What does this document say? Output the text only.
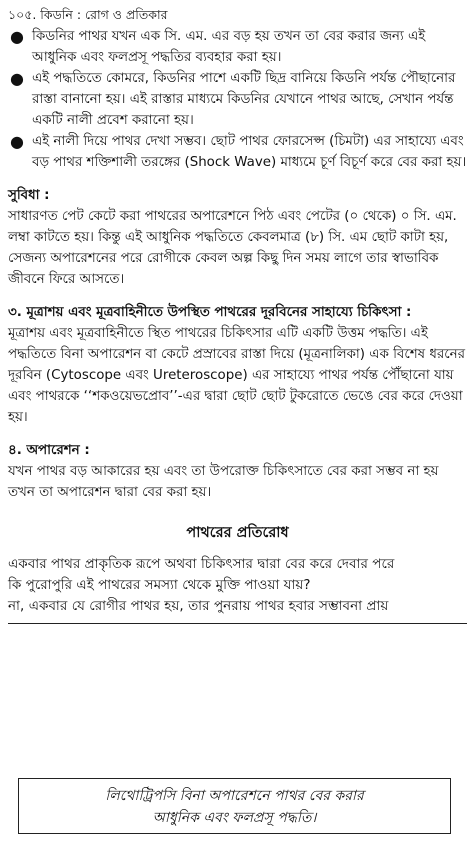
১০৫. কিডনি : রোগ ও প্রতিকার
● কিডনির পাথর যখন এক সি. এম. এর বড় হয় তখন তা বের করার জন্য এই আধুনিক এবং ফলপ্রসূ পদ্ধতির ব্যবহার করা হয়।
● এই পদ্ধতিতে কোমরে, কিডনির পাশে একটি ছিদ্র বানিয়ে কিডনি পর্যন্ত পৌছানোর রাস্তা বানানো হয়। এই রাস্তার মাধ্যমে কিডনির যেখানে পাথর আছে, সেখান পর্যন্ত একটি নালী প্রবেশ করানো হয়।
● এই নালী দিয়ে পাথর দেখা সম্ভব। ছোট পাথর ফোরসেপ্স (চিমটা) এর সাহায্যে এবং বড় পাথর শক্তিশালী তরঙ্গের (Shock Wave) মাধ্যমে চূর্ণ বিচূর্ণ করে বের করা হয়।
সুবিধা :
সাধারণত পেট কেটে করা পাথরের অপারেশনে পিঠ এবং পেটের (০ থেকে) ০ সি. এম. লম্বা কাটতে হয়। কিন্তু এই আধুনিক পদ্ধতিতে কেবলমাত্র (৮) সি. এম ছোট কাটা হয়, সেজন্য অপারেশনের পরে রোগীকে কেবল অল্প কিছু দিন সময় লাগে তার স্বাভাবিক জীবনে ফিরে আসতে।
৩. মূত্রাশয় এবং মূত্রবাহিনীতে উপস্থিত পাথরের দূরবিনের সাহায্যে চিকিৎসা :
মূত্রাশয় এবং মূত্রবাহিনীতে স্থিত পাথরের চিকিৎসার এটি একটি উত্তম পদ্ধতি। এই পদ্ধতিতে বিনা অপারেশন বা কেটে প্রস্রাবের রাস্তা দিয়ে (মূত্রনালিকা) এক বিশেষ ধরনের দূরবিন (Cytoscope এবং Ureteroscope) এর সাহায্যে পাথর পর্যন্ত পৌঁছানো যায় এবং পাথরকে ‘‘শকওয়েভপ্রোব’’-এর দ্বারা ছোট ছোট টুকরোতে ভেঙে বের করে দেওয়া হয়।
৪. অপারেশন :
যখন পাথর বড় আকারের হয় এবং তা উপরোক্ত চিকিৎসাতে বের করা সম্ভব না হয় তখন তা অপারেশন দ্বারা বের করা হয়।
পাথরের প্রতিরোধ
একবার পাথর প্রাকৃতিক রূপে অথবা চিকিৎসার দ্বারা বের করে দেবার পরে
কি পুরোপুরি এই পাথরের সমস্যা থেকে মুক্তি পাওয়া যায়?
না, একবার যে রোগীর পাথর হয়, তার পুনরায় পাথর হবার সম্ভাবনা প্রায়
লিথোট্রিপসি বিনা অপারেশনে পাথর বের করার
আধুনিক এবং ফলপ্রসূ পদ্ধতি।
